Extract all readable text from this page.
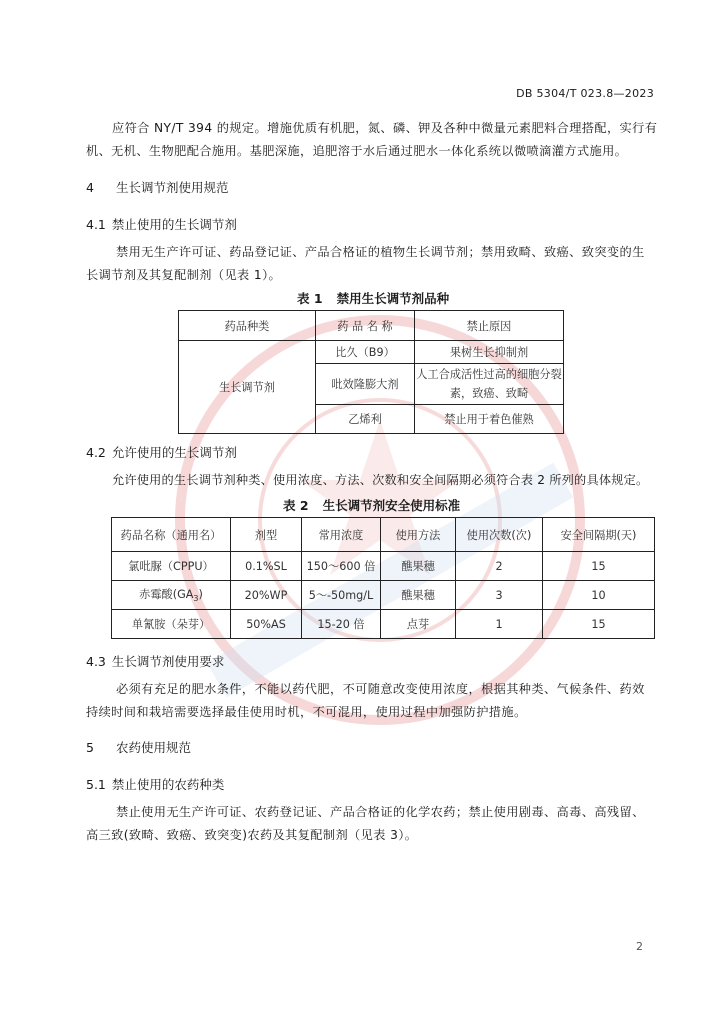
DB 5304/T 023.8—2023
应符合 NY/T 394 的规定。增施优质有机肥，氮、磷、钾及各种中微量元素肥料合理搭配，实行有
机、无机、生物肥配合施用。基肥深施，追肥溶于水后通过肥水一体化系统以微喷滴灌方式施用。
4 生长调节剂使用规范
4.1 禁止使用的生长调节剂
禁用无生产许可证、药品登记证、产品合格证的植物生长调节剂；禁用致畸、致癌、致突变的生
长调节剂及其复配制剂（见表 1）。
表 1 禁用生长调节剂品种
药品种类	药 品 名 称	禁止原因
生长调节剂	比久（B9）	果树生长抑制剂
	吡效隆膨大剂	人工合成活性过高的细胞分裂
素，致癌、致畸

	乙烯利	禁止用于着色催熟
4.2 允许使用的生长调节剂
允许使用的生长调节剂种类、使用浓度、方法、次数和安全间隔期必须符合表 2 所列的具体规定。
表 2 生长调节剂安全使用标准
药品名称（通用名）	剂型	常用浓度	使用方法	使用次数(次)	安全间隔期(天)
氯吡脲（CPPU）	0.1%SL	150～600 倍	醮果穗	2	15
赤霉酸$(GA_3)$	20%WP	5～-50mg/L	醮果穗	3	10
单氰胺（朵芽）	50%AS	15-20 倍	点芽	1	15
4.3 生长调节剂使用要求
必须有充足的肥水条件，不能以药代肥，不可随意改变使用浓度，根据其种类、气候条件、药效
持续时间和栽培需要选择最佳使用时机，不可混用，使用过程中加强防护措施。
5 农药使用规范
5.1 禁止使用的农药种类
禁止使用无生产许可证、农药登记证、产品合格证的化学农药；禁止使用剧毒、高毒、高残留、
高三致(致畸、致癌、致突变)农药及其复配制剂（见表 3）。
2
